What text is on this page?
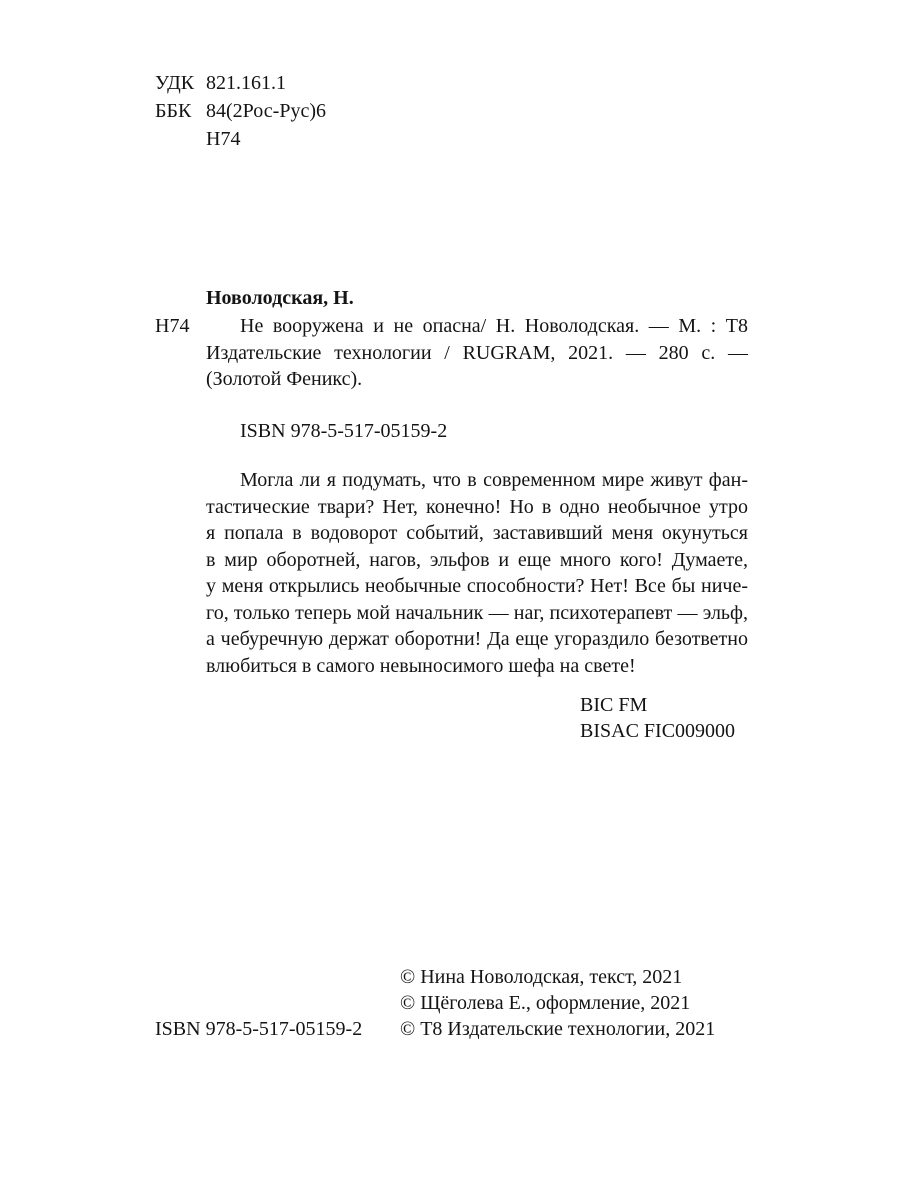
УДК 821.161.1
ББК 84(2Рос-Рус)6
Н74
Новолодская, Н.
Н74	Не вооружена и не опасна/ Н. Новолодская. — М. : Т8
Издательские технологии / RUGRAM, 2021. — 280 с. —
(Золотой Феникс).
ISBN 978-5-517-05159-2
Могла ли я подумать, что в современном мире живут фан-
тастические твари? Нет, конечно! Но в одно необычное утро
я попала в водоворот событий, заставивший меня окунуться
в мир оборотней, нагов, эльфов и еще много кого! Думаете,
у меня открылись необычные способности? Нет! Все бы ниче-
го, только теперь мой начальник — наг, психотерапевт — эльф,
а чебуречную держат оборотни! Да еще угораздило безответно
влюбиться в самого невыносимого шефа на свете!
BIC FM
BISAC FIC009000
© Нина Новолодская, текст, 2021
© Щёголева Е., оформление, 2021
ISBN 978-5-517-05159-2 © Т8 Издательские технологии, 2021
